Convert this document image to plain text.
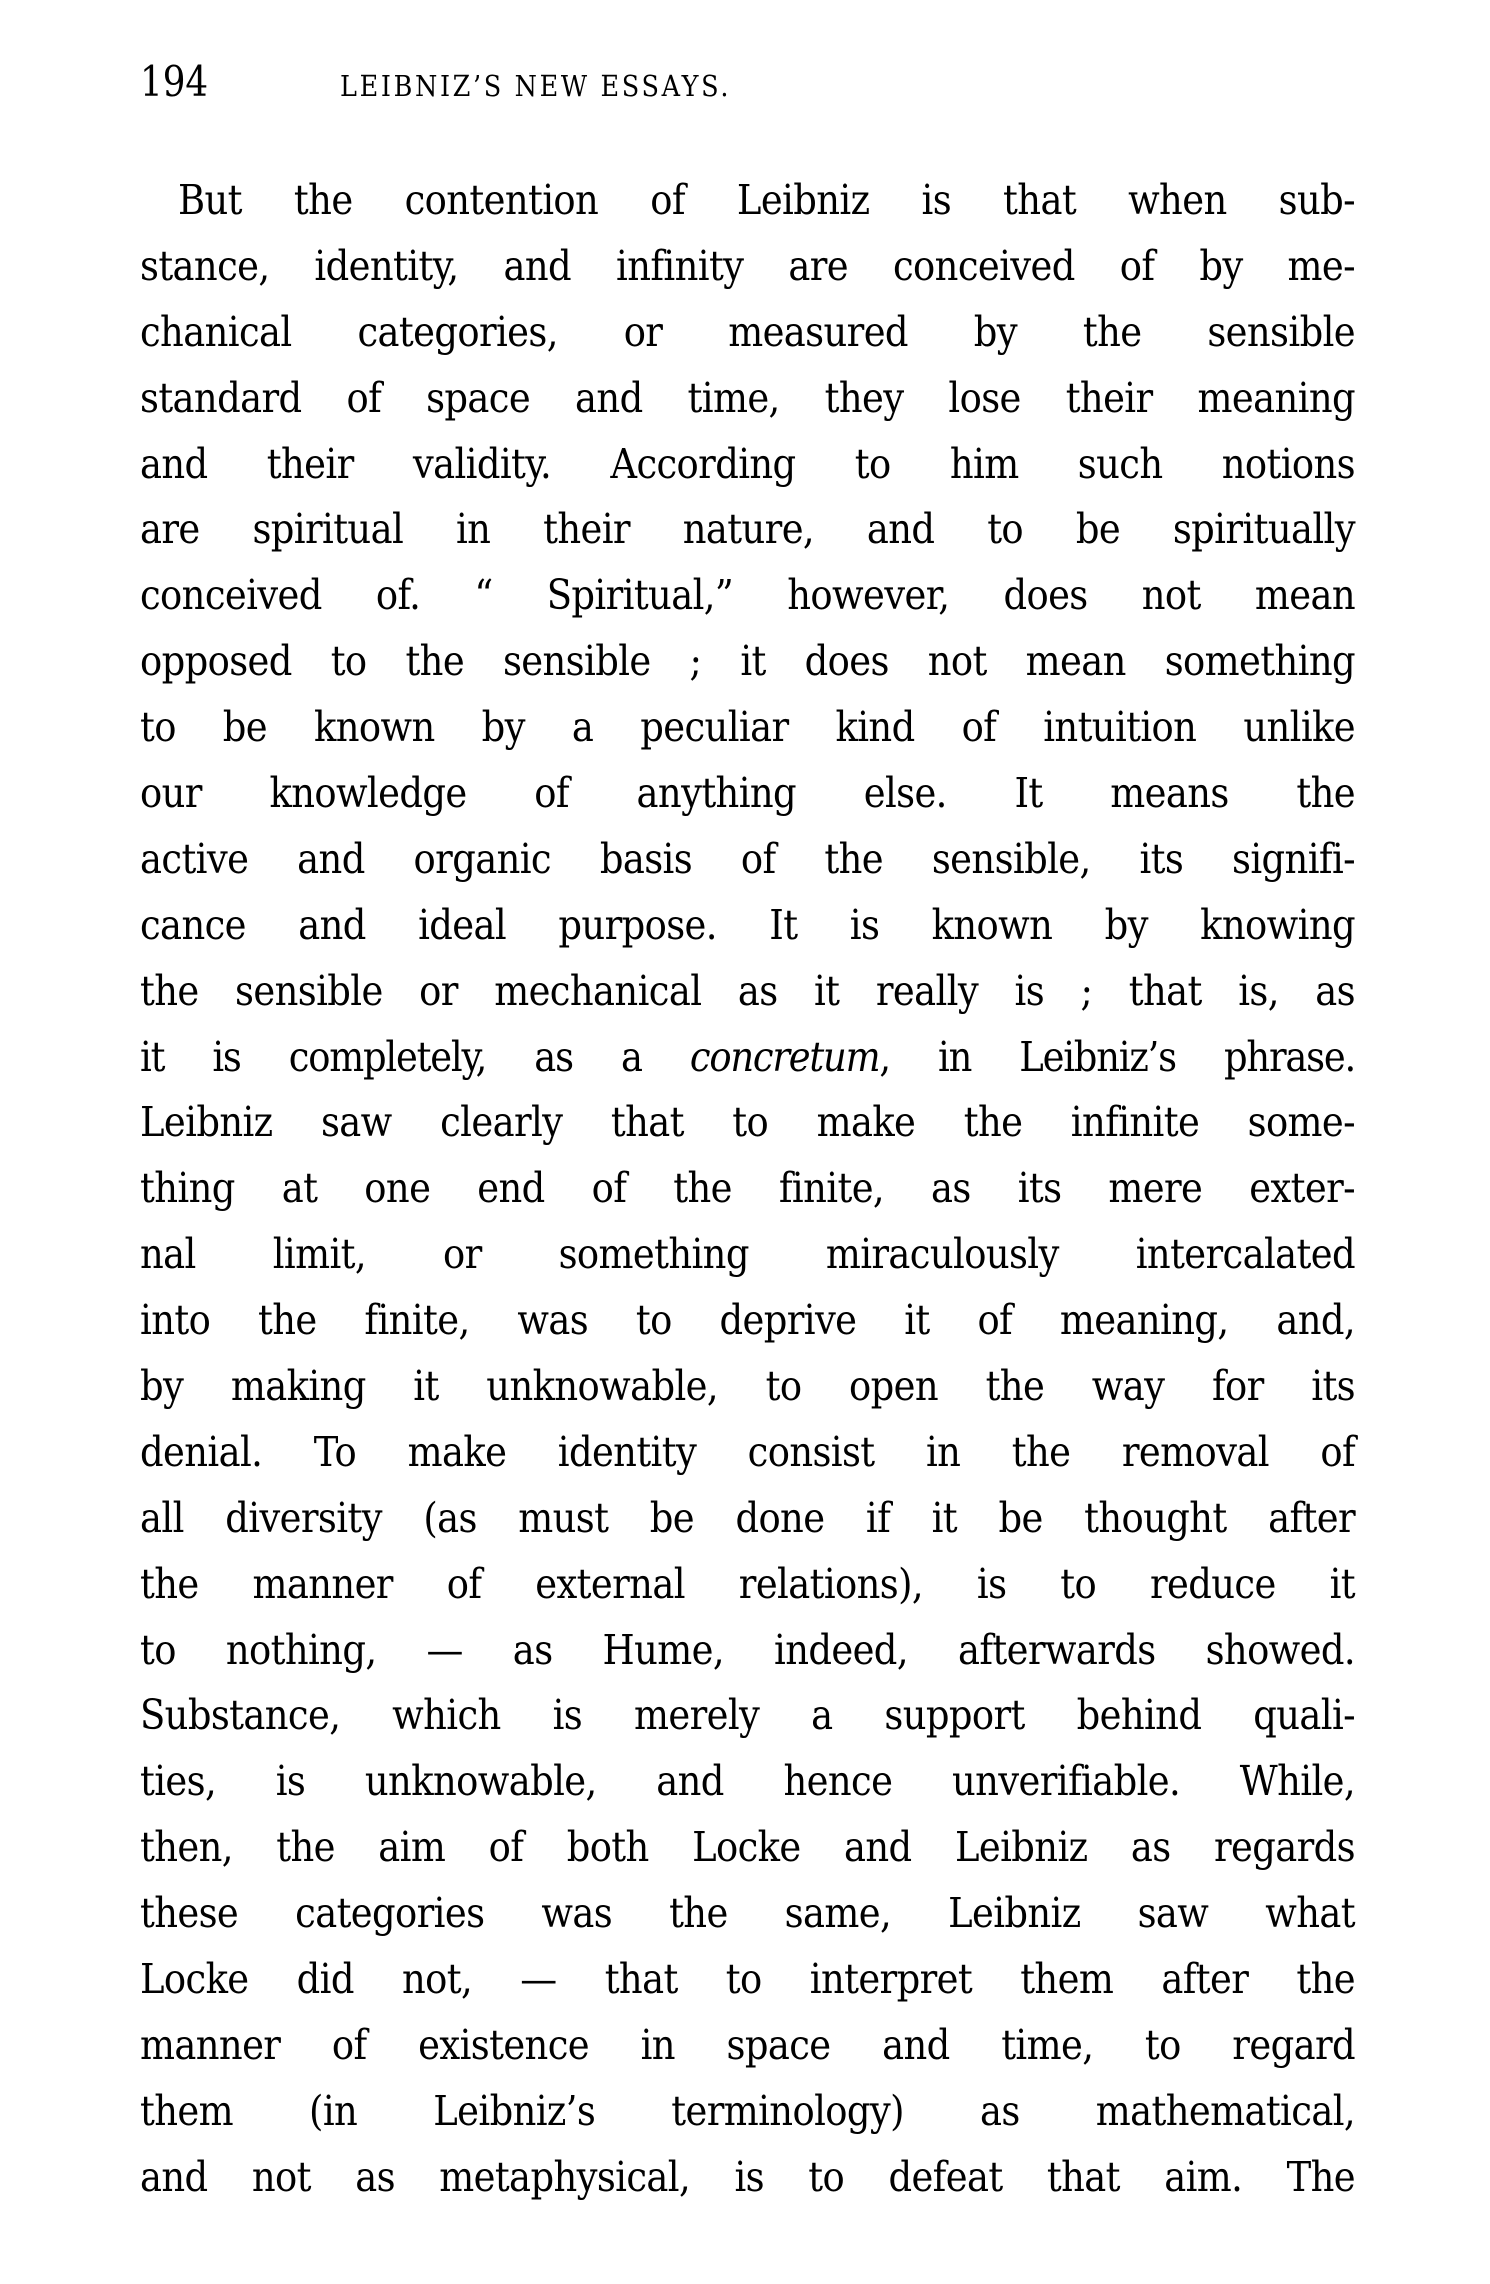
194	LEIBNIZ’S NEW ESSAYS.
But the contention of Leibniz is that when sub-
stance, identity, and infinity are conceived of by me-
chanical categories, or measured by the sensible
standard of space and time, they lose their meaning
and their validity. According to him such notions
are spiritual in their nature, and to be spiritually
conceived of. “ Spiritual,” however, does not mean
opposed to the sensible ; it does not mean something
to be known by a peculiar kind of intuition unlike
our knowledge of anything else. It means the
active and organic basis of the sensible, its signifi-
cance and ideal purpose. It is known by knowing
the sensible or mechanical as it really is ; that is, as
it is completely, as a concretum, in Leibniz’s phrase.
Leibniz saw clearly that to make the infinite some-
thing at one end of the finite, as its mere exter-
nal limit, or something miraculously intercalated
into the finite, was to deprive it of meaning, and,
by making it unknowable, to open the way for its
denial. To make identity consist in the removal of
all diversity (as must be done if it be thought after
the manner of external relations), is to reduce it
to nothing, — as Hume, indeed, afterwards showed.
Substance, which is merely a support behind quali-
ties, is unknowable, and hence unverifiable. While,
then, the aim of both Locke and Leibniz as regards
these categories was the same, Leibniz saw what
Locke did not, — that to interpret them after the
manner of existence in space and time, to regard
them (in Leibniz’s terminology) as mathematical,
and not as metaphysical, is to defeat that aim. The
